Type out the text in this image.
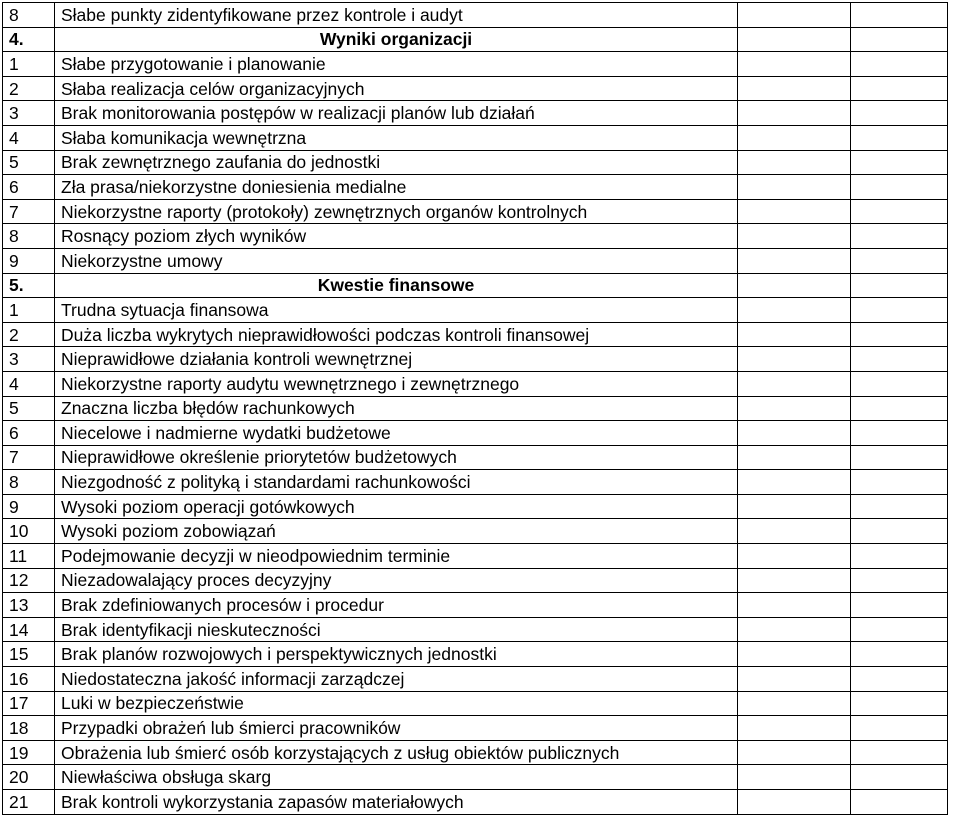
8	Słabe punkty zidentyfikowane przez kontrole i audyt		
4.	Wyniki organizacji		
1	Słabe przygotowanie i planowanie		
2	Słaba realizacja celów organizacyjnych		
3	Brak monitorowania postępów w realizacji planów lub działań		
4	Słaba komunikacja wewnętrzna		
5	Brak zewnętrznego zaufania do jednostki		
6	Zła prasa/niekorzystne doniesienia medialne		
7	Niekorzystne raporty (protokoły) zewnętrznych organów kontrolnych		
8	Rosnący poziom złych wyników		
9	Niekorzystne umowy		
5.	Kwestie finansowe		
1	Trudna sytuacja finansowa		
2	Duża liczba wykrytych nieprawidłowości podczas kontroli finansowej		
3	Nieprawidłowe działania kontroli wewnętrznej		
4	Niekorzystne raporty audytu wewnętrznego i zewnętrznego		
5	Znaczna liczba błędów rachunkowych		
6	Niecelowe i nadmierne wydatki budżetowe		
7	Nieprawidłowe określenie priorytetów budżetowych		
8	Niezgodność z polityką i standardami rachunkowości		
9	Wysoki poziom operacji gotówkowych		
10	Wysoki poziom zobowiązań		
11	Podejmowanie decyzji w nieodpowiednim terminie		
12	Niezadowalający proces decyzyjny		
13	Brak zdefiniowanych procesów i procedur		
14	Brak identyfikacji nieskuteczności		
15	Brak planów rozwojowych i perspektywicznych jednostki		
16	Niedostateczna jakość informacji zarządczej		
17	Luki w bezpieczeństwie		
18	Przypadki obrażeń lub śmierci pracowników		
19	Obrażenia lub śmierć osób korzystających z usług obiektów publicznych		
20	Niewłaściwa obsługa skarg		
21	Brak kontroli wykorzystania zapasów materiałowych		
